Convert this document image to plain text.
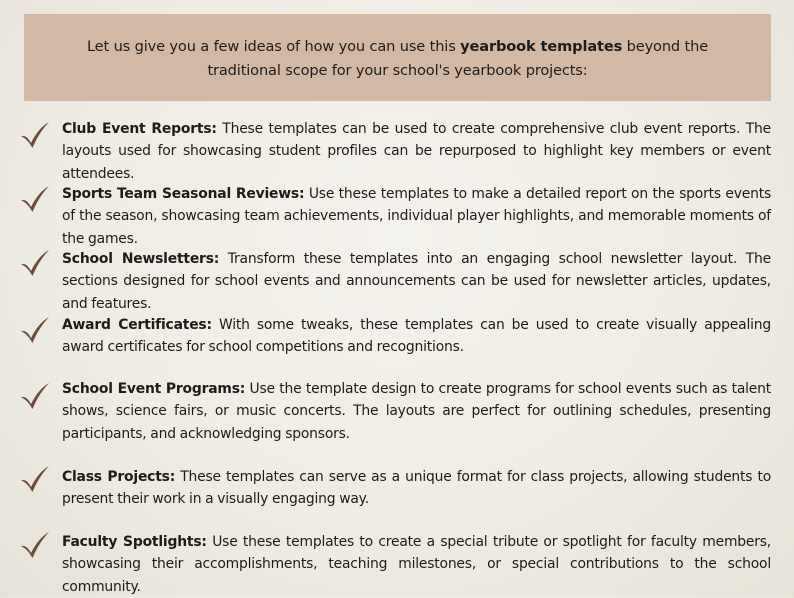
Let us give you a few ideas of how you can use this yearbook templates beyond the traditional scope for your school's yearbook projects:
Club Event Reports: These templates can be used to create comprehensive club event reports. The layouts used for showcasing student profiles can be repurposed to highlight key members or event attendees.
Sports Team Seasonal Reviews: Use these templates to make a detailed report on the sports events of the season, showcasing team achievements, individual player highlights, and memorable moments of the games.
School Newsletters: Transform these templates into an engaging school newsletter layout. The sections designed for school events and announcements can be used for newsletter articles, updates, and features.
Award Certificates: With some tweaks, these templates can be used to create visually appealing award certificates for school competitions and recognitions.
School Event Programs: Use the template design to create programs for school events such as talent shows, science fairs, or music concerts. The layouts are perfect for outlining schedules, presenting participants, and acknowledging sponsors.
Class Projects: These templates can serve as a unique format for class projects, allowing students to present their work in a visually engaging way.
Faculty Spotlights: Use these templates to create a special tribute or spotlight for faculty members, showcasing their accomplishments, teaching milestones, or special contributions to the school community.
